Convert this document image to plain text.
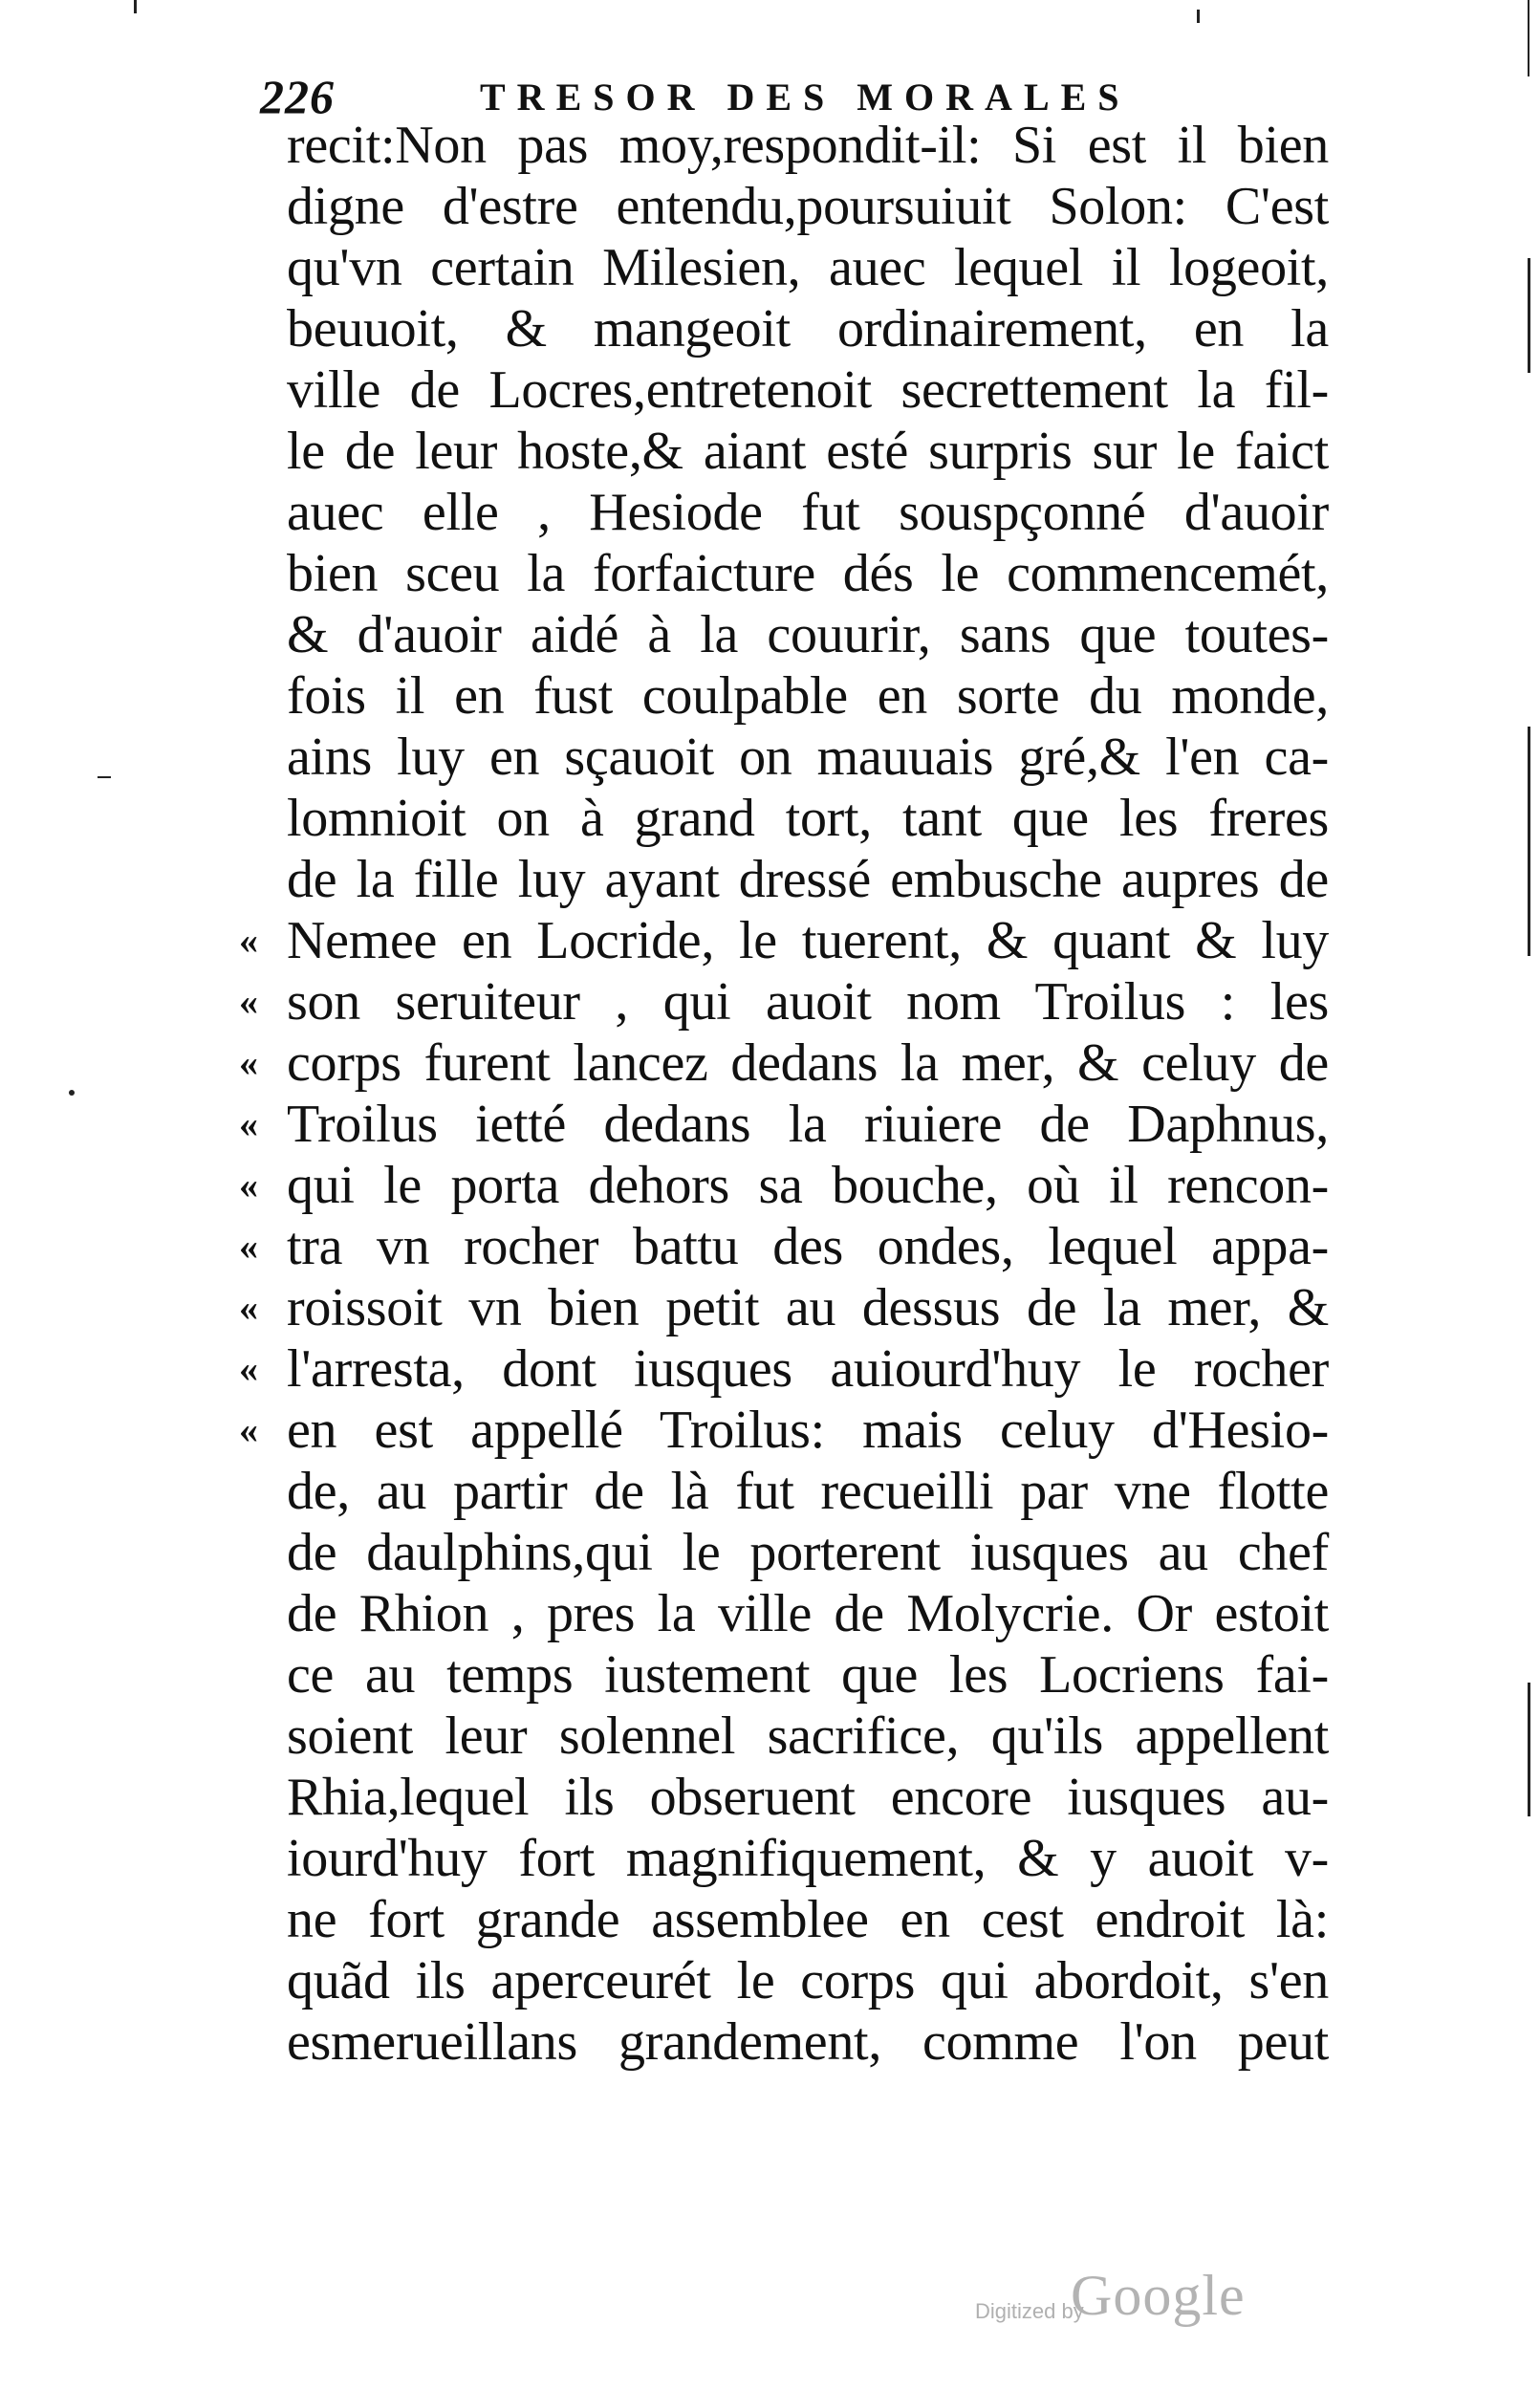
226	TRESOR DES MORALES
recit:Non pas moy,respondit-il: Si est il bien
digne d'estre entendu,poursuiuit Solon: C'est
qu'vn certain Milesien, auec lequel il logeoit,
beuuoit, & mangeoit ordinairement, en la
ville de Locres,entretenoit secrettement la fil-
le de leur hoste,& aiant esté surpris sur le faict
auec elle , Hesiode fut souspçonné d'auoir
bien sceu la forfaicture dés le commencemét,
& d'auoir aidé à la couurir, sans que toutes-
fois il en fust coulpable en sorte du monde,
ains luy en sçauoit on mauuais gré,& l'en ca-
lomnioit on à grand tort, tant que les freres
de la fille luy ayant dressé embusche aupres de
« Nemee en Locride, le tuerent, & quant & luy
« son seruiteur , qui auoit nom Troilus : les
« corps furent lancez dedans la mer, & celuy de
« Troilus ietté dedans la riuiere de Daphnus,
« qui le porta dehors sa bouche, où il rencon-
« tra vn rocher battu des ondes, lequel appa-
« roissoit vn bien petit au dessus de la mer, &
« l'arresta, dont iusques auiourd'huy le rocher
« en est appellé Troilus: mais celuy d'Hesio-
de, au partir de là fut recueilli par vne flotte
de daulphins,qui le porterent iusques au chef
de Rhion , pres la ville de Molycrie. Or estoit
ce au temps iustement que les Locriens fai-
soient leur solennel sacrifice, qu'ils appellent
Rhia,lequel ils obseruent encore iusques au-
iourd'huy fort magnifiquement, & y auoit v-
ne fort grande assemblee en cest endroit là:
quãd ils aperceurét le corps qui abordoit, s'en
esmerueillans grandement, comme l'on peut
Digitized by
Google
